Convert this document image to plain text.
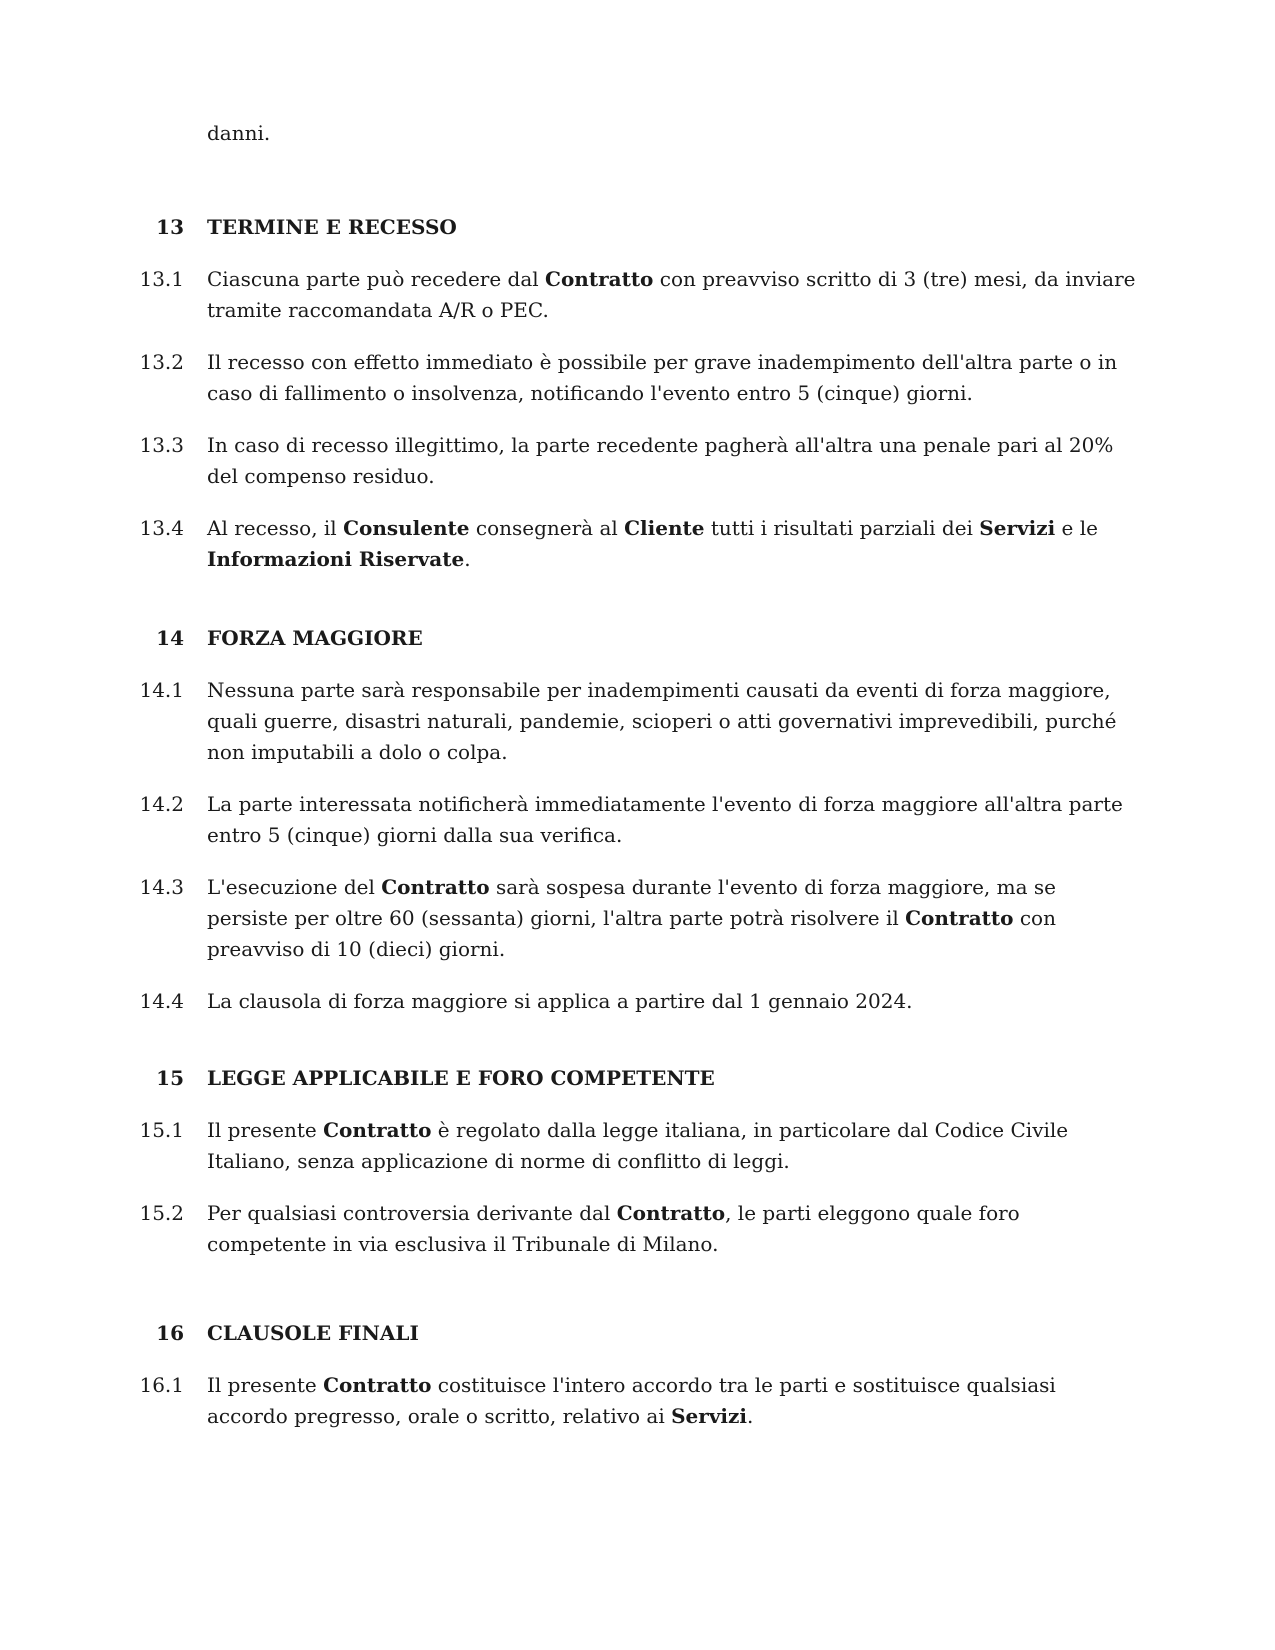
danni.

13 TERMINE E RECESSO
13.1 Ciascuna parte può recedere dal Contratto con preavviso scritto di 3 (tre) mesi, da inviare tramite raccomandata A/R o PEC.
13.2 Il recesso con effetto immediato è possibile per grave inadempimento dell'altra parte o in caso di fallimento o insolvenza, notificando l'evento entro 5 (cinque) giorni.
13.3 In caso di recesso illegittimo, la parte recedente pagherà all'altra una penale pari al 20% del compenso residuo.
13.4 Al recesso, il Consulente consegnerà al Cliente tutti i risultati parziali dei Servizi e le Informazioni Riservate.
14 FORZA MAGGIORE
14.1 Nessuna parte sarà responsabile per inadempimenti causati da eventi di forza maggiore, quali guerre, disastri naturali, pandemie, scioperi o atti governativi imprevedibili, purché non imputabili a dolo o colpa.
14.2 La parte interessata notificherà immediatamente l'evento di forza maggiore all'altra parte entro 5 (cinque) giorni dalla sua verifica.
14.3 L'esecuzione del Contratto sarà sospesa durante l'evento di forza maggiore, ma se persiste per oltre 60 (sessanta) giorni, l'altra parte potrà risolvere il Contratto con preavviso di 10 (dieci) giorni.
14.4 La clausola di forza maggiore si applica a partire dal 1 gennaio 2024.
15 LEGGE APPLICABILE E FORO COMPETENTE
15.1 Il presente Contratto è regolato dalla legge italiana, in particolare dal Codice Civile Italiano, senza applicazione di norme di conflitto di leggi.
15.2 Per qualsiasi controversia derivante dal Contratto, le parti eleggono quale foro competente in via esclusiva il Tribunale di Milano.
16 CLAUSOLE FINALI
16.1 Il presente Contratto costituisce l'intero accordo tra le parti e sostituisce qualsiasi accordo pregresso, orale o scritto, relativo ai Servizi.
